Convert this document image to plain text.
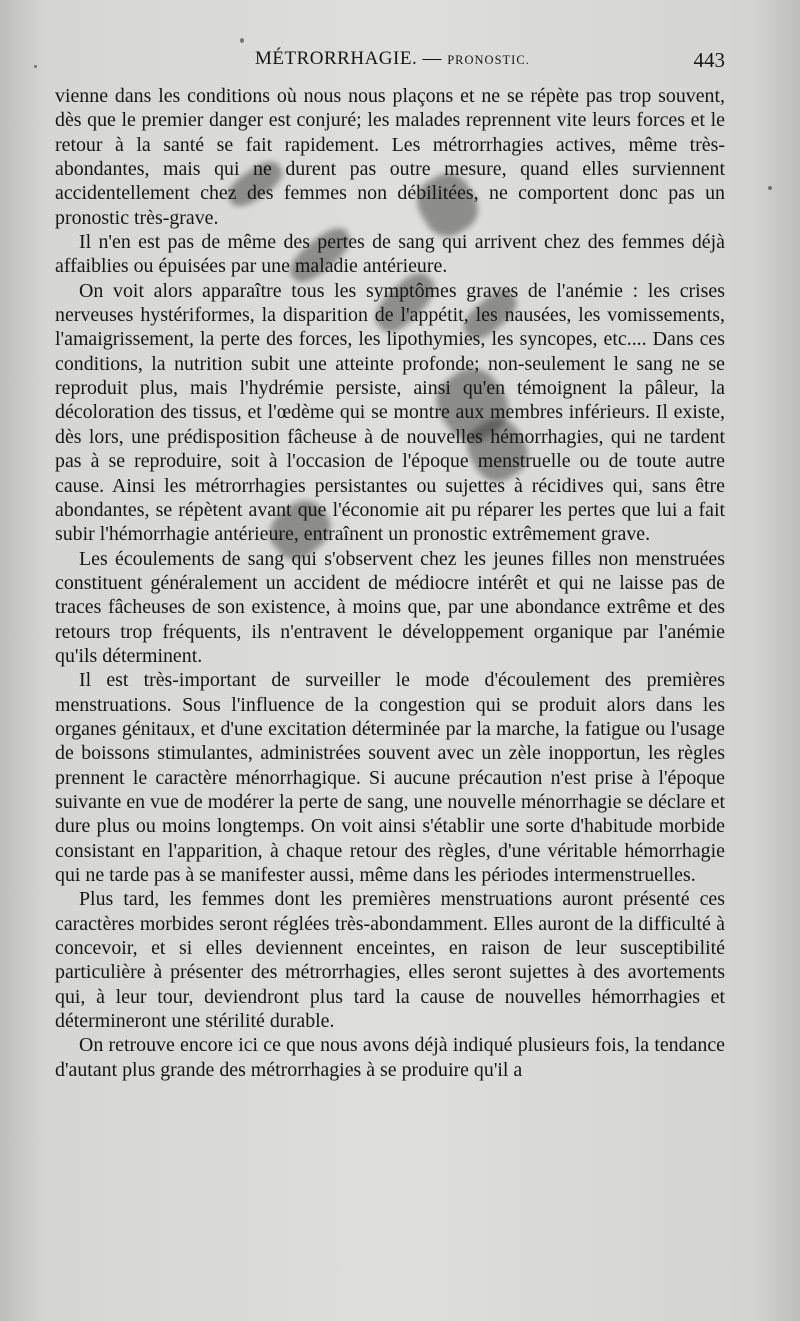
MÉTRORRHAGIE. — PRONOSTIC.	443

vienne dans les conditions où nous nous plaçons et ne se répète pas trop souvent, dès que le premier danger est conjuré; les malades reprennent vite leurs forces et le retour à la santé se fait rapidement. Les métrorrhagies actives, même très-abondantes, mais qui ne durent pas outre mesure, quand elles surviennent accidentellement chez des femmes non débilitées, ne comportent donc pas un pronostic très-grave.

Il n'en est pas de même des pertes de sang qui arrivent chez des femmes déjà affaiblies ou épuisées par une maladie antérieure.

On voit alors apparaître tous les symptômes graves de l'anémie : les crises nerveuses hystériformes, la disparition de l'appétit, les nausées, les vomissements, l'amaigrissement, la perte des forces, les lipothymies, les syncopes, etc.... Dans ces conditions, la nutrition subit une atteinte profonde; non-seulement le sang ne se reproduit plus, mais l'hydrémie persiste, ainsi qu'en témoignent la pâleur, la décoloration des tissus, et l'œdème qui se montre aux membres inférieurs. Il existe, dès lors, une prédisposition fâcheuse à de nouvelles hémorrhagies, qui ne tardent pas à se reproduire, soit à l'occasion de l'époque menstruelle ou de toute autre cause. Ainsi les métrorrhagies persistantes ou sujettes à récidives qui, sans être abondantes, se répètent avant que l'économie ait pu réparer les pertes que lui a fait subir l'hémorrhagie antérieure, entraînent un pronostic extrêmement grave.

Les écoulements de sang qui s'observent chez les jeunes filles non menstruées constituent généralement un accident de médiocre intérêt et qui ne laisse pas de traces fâcheuses de son existence, à moins que, par une abondance extrême et des retours trop fréquents, ils n'entravent le développement organique par l'anémie qu'ils déterminent.

Il est très-important de surveiller le mode d'écoulement des premières menstruations. Sous l'influence de la congestion qui se produit alors dans les organes génitaux, et d'une excitation déterminée par la marche, la fatigue ou l'usage de boissons stimulantes, administrées souvent avec un zèle inopportun, les règles prennent le caractère ménorrhagique. Si aucune précaution n'est prise à l'époque suivante en vue de modérer la perte de sang, une nouvelle ménorrhagie se déclare et dure plus ou moins longtemps. On voit ainsi s'établir une sorte d'habitude morbide consistant en l'apparition, à chaque retour des règles, d'une véritable hémorrhagie qui ne tarde pas à se manifester aussi, même dans les périodes intermenstruelles.

Plus tard, les femmes dont les premières menstruations auront présenté ces caractères morbides seront réglées très-abondamment. Elles auront de la difficulté à concevoir, et si elles deviennent enceintes, en raison de leur susceptibilité particulière à présenter des métrorrhagies, elles seront sujettes à des avortements qui, à leur tour, deviendront plus tard la cause de nouvelles hémorrhagies et détermineront une stérilité durable.

On retrouve encore ici ce que nous avons déjà indiqué plusieurs fois, la tendance d'autant plus grande des métrorrhagies à se produire qu'il a
